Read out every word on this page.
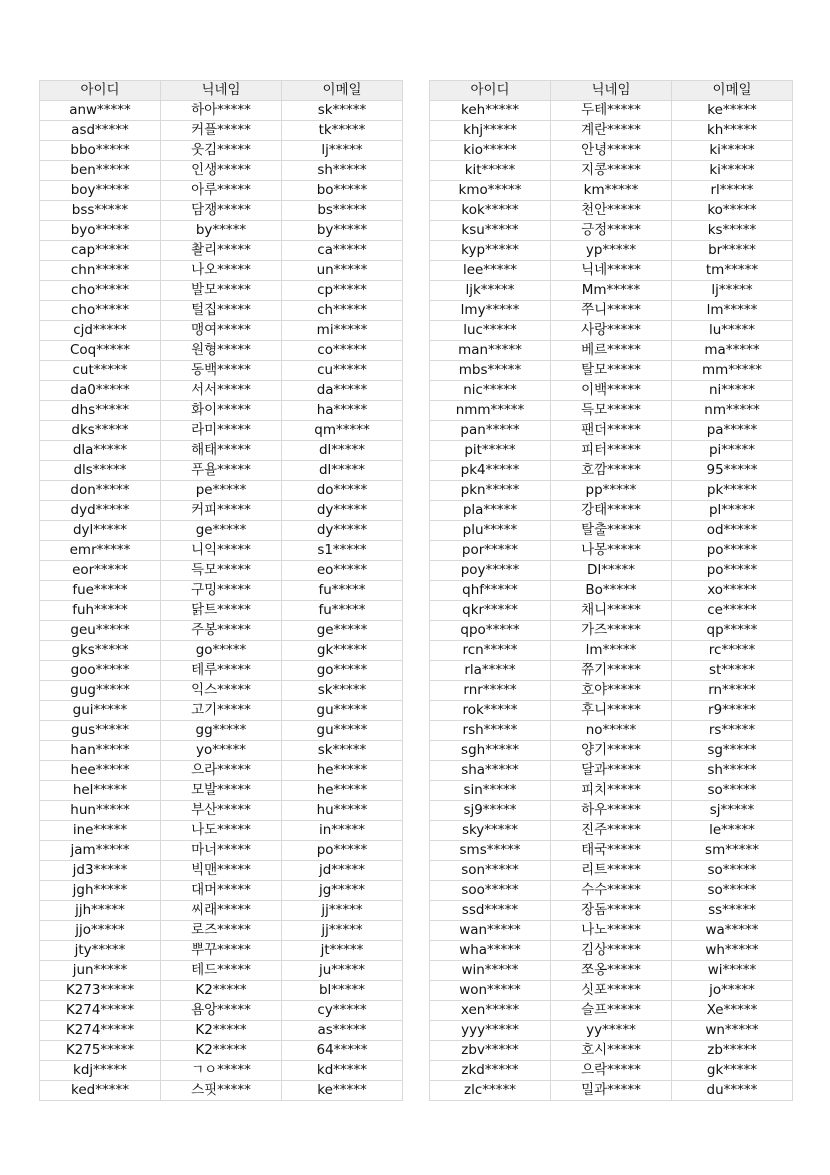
아이디	닉네임	이메일
anw*****	하아*****	sk*****
asd*****	커플*****	tk*****
bbo*****	웃김*****	lj*****
ben*****	인생*****	sh*****
boy*****	아루*****	bo*****
bss*****	담쟁*****	bs*****
byo*****	by*****	by*****
cap*****	촬리*****	ca*****
chn*****	나오*****	un*****
cho*****	발모*****	cp*****
cho*****	털집*****	ch*****
cjd*****	맹여*****	mi*****
Coq*****	원형*****	co*****
cut*****	동백*****	cu*****
da0*****	서서*****	da*****
dhs*****	화이*****	ha*****
dks*****	라미*****	qm*****
dla*****	해태*****	dl*****
dls*****	푸욜*****	dl*****
don*****	pe*****	do*****
dyd*****	커피*****	dy*****
dyl*****	ge*****	dy*****
emr*****	니익*****	s1*****
eor*****	득모*****	eo*****
fue*****	구밍*****	fu*****
fuh*****	닭트*****	fu*****
geu*****	주봉*****	ge*****
gks*****	go*****	gk*****
goo*****	테루*****	go*****
gug*****	익스*****	sk*****
gui*****	고기*****	gu*****
gus*****	gg*****	gu*****
han*****	yo*****	sk*****
hee*****	으라*****	he*****
hel*****	모발*****	he*****
hun*****	부산*****	hu*****
ine*****	나도*****	in*****
jam*****	마너*****	po*****
jd3*****	빅맨*****	jd*****
jgh*****	대머*****	jg*****
jjh*****	씨래*****	jj*****
jjo*****	로즈*****	jj*****
jty*****	뿌꾸*****	jt*****
jun*****	테드*****	ju*****
K273*****	K2*****	bl*****
K274*****	욤앙*****	cy*****
K274*****	K2*****	as*****
K275*****	K2*****	64*****
kdj*****	ㄱㅇ*****	kd*****
ked*****	스핏*****	ke*****
아이디	닉네임	이메일
keh*****	두테*****	ke*****
khj*****	계란*****	kh*****
kio*****	안녕*****	ki*****
kit*****	지콩*****	ki*****
kmo*****	km*****	rl*****
kok*****	천안*****	ko*****
ksu*****	긍정*****	ks*****
kyp*****	yp*****	br*****
lee*****	닉네*****	tm*****
ljk*****	Mm*****	lj*****
lmy*****	쭈니*****	lm*****
luc*****	사랑*****	lu*****
man*****	베르*****	ma*****
mbs*****	탈모*****	mm*****
nic*****	이백*****	ni*****
nmm*****	득모*****	nm*****
pan*****	팬더*****	pa*****
pit*****	피터*****	pi*****
pk4*****	호깜*****	95*****
pkn*****	pp*****	pk*****
pla*****	강태*****	pl*****
plu*****	탈출*****	od*****
por*****	나몽*****	po*****
poy*****	Dl*****	po*****
qhf*****	Bo*****	xo*****
qkr*****	채니*****	ce*****
qpo*****	가즈*****	qp*****
rcn*****	lm*****	rc*****
rla*****	쮸기*****	st*****
rnr*****	호야*****	rn*****
rok*****	후니*****	r9*****
rsh*****	no*****	rs*****
sgh*****	양기*****	sg*****
sha*****	달과*****	sh*****
sin*****	피치*****	so*****
sj9*****	하우*****	sj*****
sky*****	진주*****	le*****
sms*****	태국*****	sm*****
son*****	리트*****	so*****
soo*****	수수*****	so*****
ssd*****	장돔*****	ss*****
wan*****	나노*****	wa*****
wha*****	김상*****	wh*****
win*****	쪼옹*****	wi*****
won*****	싯포*****	jo*****
xen*****	슬프*****	Xe*****
yyy*****	yy*****	wn*****
zbv*****	호시*****	zb*****
zkd*****	으락*****	gk*****
zlc*****	밀과*****	du*****
